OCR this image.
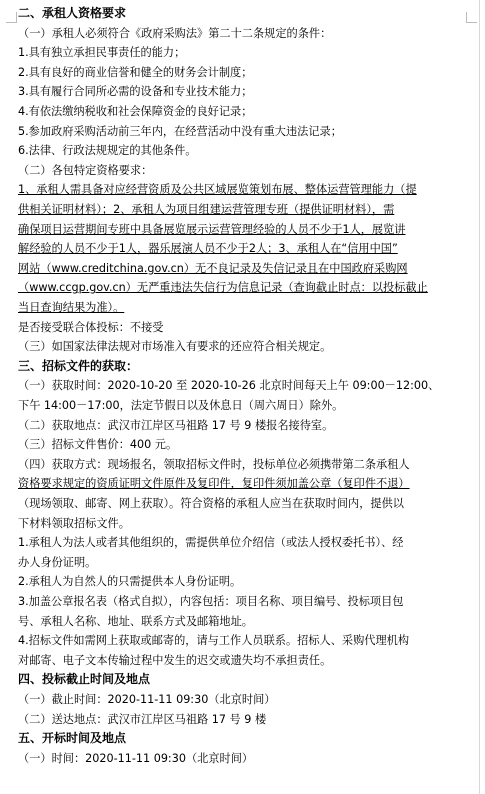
二、承租人资格要求
（一）承租人必须符合《政府采购法》第二十二条规定的条件：
1.具有独立承担民事责任的能力；
2.具有良好的商业信誉和健全的财务会计制度；
3.具有履行合同所必需的设备和专业技术能力；
4.有依法缴纳税收和社会保障资金的良好记录；
5.参加政府采购活动前三年内，在经营活动中没有重大违法记录；
6.法律、行政法规规定的其他条件。
（二）各包特定资格要求：
1、承租人需具备对应经营资质及公共区域展览策划布展、整体运营管理能力（提
供相关证明材料）；2、承租人为项目组建运营管理专班（提供证明材料），需
确保项目运营期间专班中具备展览展示运营管理经验的人员不少于1人，展览讲
解经验的人员不少于1人，器乐展演人员不少于2人；3、承租人在“信用中国”
网站（www.creditchina.gov.cn）无不良记录及失信记录且在中国政府采购网
（www.ccgp.gov.cn）无严重违法失信行为信息记录（查询截止时点：以投标截止
当日查询结果为准）。
是否接受联合体投标：不接受
（三）如国家法律法规对市场准入有要求的还应符合相关规定。
三、招标文件的获取：
（一）获取时间：2020-10-20 至 2020-10-26 北京时间每天上午 09:00－12:00、
下午 14:00－17:00，法定节假日以及休息日（周六周日）除外。
（二）获取地点：武汉市江岸区马祖路 17 号 9 楼报名接待室。
（三）招标文件售价：400 元。
（四）获取方式：现场报名，领取招标文件时，投标单位必须携带第二条承租人
资格要求规定的资质证明文件原件及复印件，复印件须加盖公章（复印件不退）
（现场领取、邮寄、网上获取）。符合资格的承租人应当在获取时间内，提供以
下材料领取招标文件。
1.承租人为法人或者其他组织的，需提供单位介绍信（或法人授权委托书）、经
办人身份证明。
2.承租人为自然人的只需提供本人身份证明。
3.加盖公章报名表（格式自拟），内容包括：项目名称、项目编号、投标项目包
号、承租人名称、地址、联系方式及邮箱地址。
4.招标文件如需网上获取或邮寄的，请与工作人员联系。招标人、采购代理机构
对邮寄、电子文本传输过程中发生的迟交或遗失均不承担责任。
四、投标截止时间及地点
（一）截止时间：2020-11-11 09:30（北京时间）
（二）送达地点：武汉市江岸区马祖路 17 号 9 楼
五、开标时间及地点
（一）时间：2020-11-11 09:30（北京时间）
